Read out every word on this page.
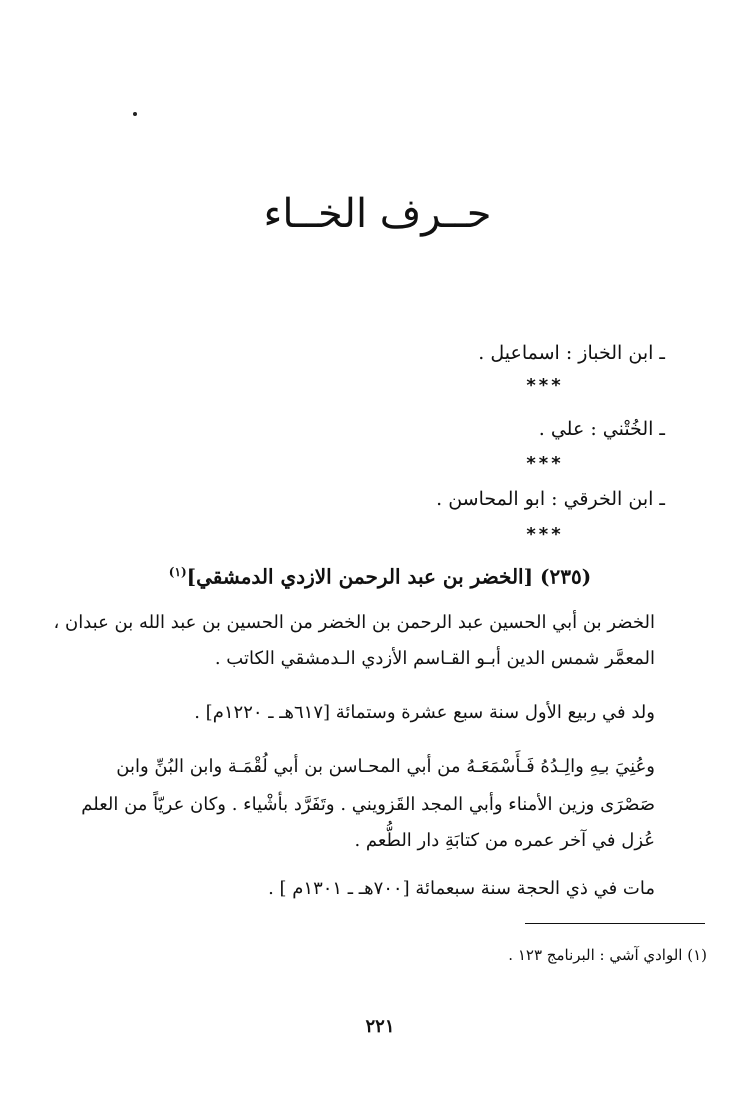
حــرف الخــاء
ـ ابن الخباز : اسماعيل .
***
ـ الخُتْني : علي .
***
ـ ابن الخرقي : ابو المحاسن .
***
(٢٣٥) [الخضر بن عبد الرحمن الازدي الدمشقي]$^{(١)}$
الخضر بن أبي الحسين عبد الرحمن بن الخضر من الحسين بن عبد الله بن عبدان ،
المعمَّر شمس الدين أبـو القـاسم الأزدي الـدمشقي الكاتب .
ولد في ربيع الأول سنة سبع عشرة وستمائة [٦١٧هـ ـ ١٢٢٠م] .
وعُنِيَ بـِهِ والِـدُهُ فَـأَسْمَعَـهُ من أبي المحـاسن بن أبي لُقْمَـة وابن البُنِّ وابن
صَصْرَى وزين الأمناء وأبي المجد القَزويني . وتَفَرَّد بأشْياء . وكان عريّاً من العلم
عُزل في آخر عمره من كتابَةِ دار الطُّعم .
مات في ذي الحجة سنة سبعمائة [٧٠٠هـ ـ ١٣٠١م ] .
(١) الوادي آشي : البرنامج ١٢٣ .
٢٢١
